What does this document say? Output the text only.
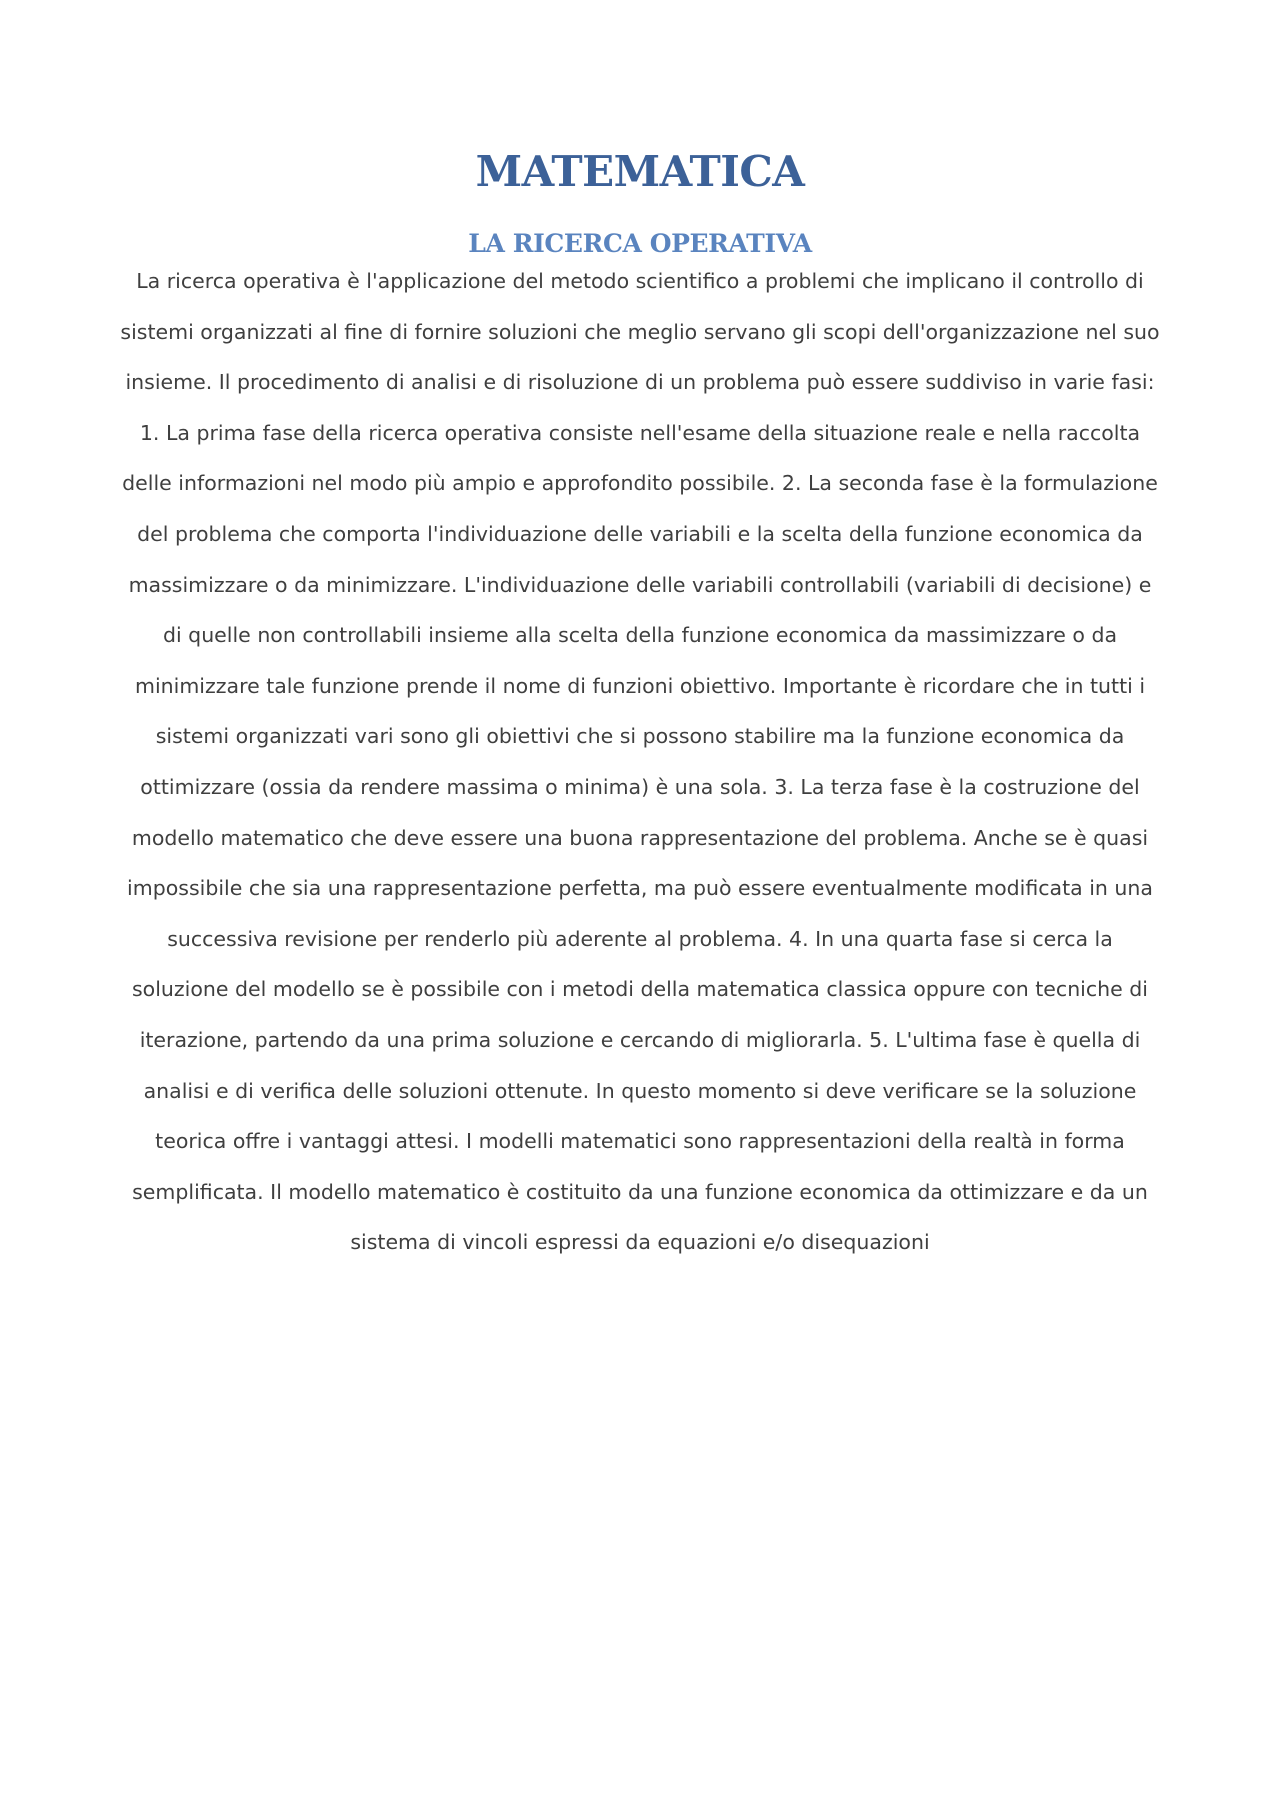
MATEMATICA
LA RICERCA OPERATIVA

La ricerca operativa è l'applicazione del metodo scientifico a problemi che implicano il controllo di sistemi organizzati al fine di fornire soluzioni che meglio servano gli scopi dell'organizzazione nel suo insieme. Il procedimento di analisi e di risoluzione di un problema può essere suddiviso in varie fasi: 1. La prima fase della ricerca operativa consiste nell'esame della situazione reale e nella raccolta delle informazioni nel modo più ampio e approfondito possibile. 2. La seconda fase è la formulazione del problema che comporta l'individuazione delle variabili e la scelta della funzione economica da massimizzare o da minimizzare. L'individuazione delle variabili controllabili (variabili di decisione) e di quelle non controllabili insieme alla scelta della funzione economica da massimizzare o da minimizzare tale funzione prende il nome di funzioni obiettivo. Importante è ricordare che in tutti i sistemi organizzati vari sono gli obiettivi che si possono stabilire ma la funzione economica da ottimizzare (ossia da rendere massima o minima) è una sola. 3. La terza fase è la costruzione del modello matematico che deve essere una buona rappresentazione del problema. Anche se è quasi impossibile che sia una rappresentazione perfetta, ma può essere eventualmente modificata in una successiva revisione per renderlo più aderente al problema. 4. In una quarta fase si cerca la soluzione del modello se è possibile con i metodi della matematica classica oppure con tecniche di iterazione, partendo da una prima soluzione e cercando di migliorarla. 5. L'ultima fase è quella di analisi e di verifica delle soluzioni ottenute. In questo momento si deve verificare se la soluzione teorica offre i vantaggi attesi. I modelli matematici sono rappresentazioni della realtà in forma semplificata. Il modello matematico è costituito da una funzione economica da ottimizzare e da un sistema di vincoli espressi da equazioni e/o disequazioni
